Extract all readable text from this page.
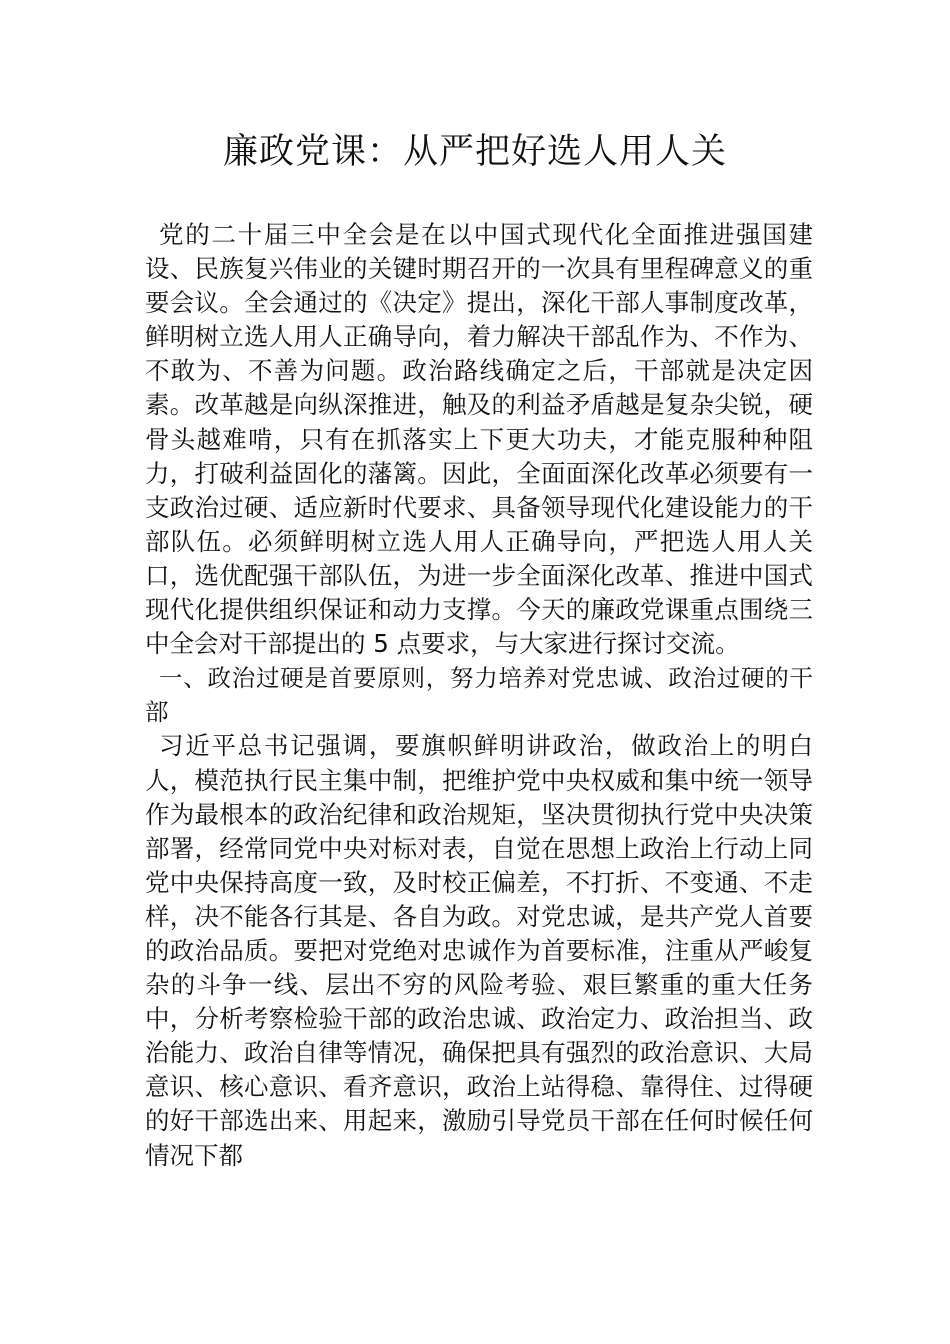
廉政党课：从严把好选人用人关

党的二十届三中全会是在以中国式现代化全面推进强国建设、民族复兴伟业的关键时期召开的一次具有里程碑意义的重要会议。全会通过的《决定》提出，深化干部人事制度改革，鲜明树立选人用人正确导向，着力解决干部乱作为、不作为、不敢为、不善为问题。政治路线确定之后，干部就是决定因素。改革越是向纵深推进，触及的利益矛盾越是复杂尖锐，硬骨头越难啃，只有在抓落实上下更大功夫，才能克服种种阻力，打破利益固化的藩篱。因此，全面面深化改革必须要有一支政治过硬、适应新时代要求、具备领导现代化建设能力的干部队伍。必须鲜明树立选人用人正确导向，严把选人用人关口，选优配强干部队伍，为进一步全面深化改革、推进中国式现代化提供组织保证和动力支撑。今天的廉政党课重点围绕三中全会对干部提出的 5 点要求，与大家进行探讨交流。

一、政治过硬是首要原则，努力培养对党忠诚、政治过硬的干部

习近平总书记强调，要旗帜鲜明讲政治，做政治上的明白人，模范执行民主集中制，把维护党中央权威和集中统一领导作为最根本的政治纪律和政治规矩，坚决贯彻执行党中央决策部署，经常同党中央对标对表，自觉在思想上政治上行动上同党中央保持高度一致，及时校正偏差，不打折、不变通、不走样，决不能各行其是、各自为政。对党忠诚，是共产党人首要的政治品质。要把对党绝对忠诚作为首要标准，注重从严峻复杂的斗争一线、层出不穷的风险考验、艰巨繁重的重大任务中，分析考察检验干部的政治忠诚、政治定力、政治担当、政治能力、政治自律等情况，确保把具有强烈的政治意识、大局意识、核心意识、看齐意识，政治上站得稳、靠得住、过得硬的好干部选出来、用起来，激励引导党员干部在任何时候任何情况下都
